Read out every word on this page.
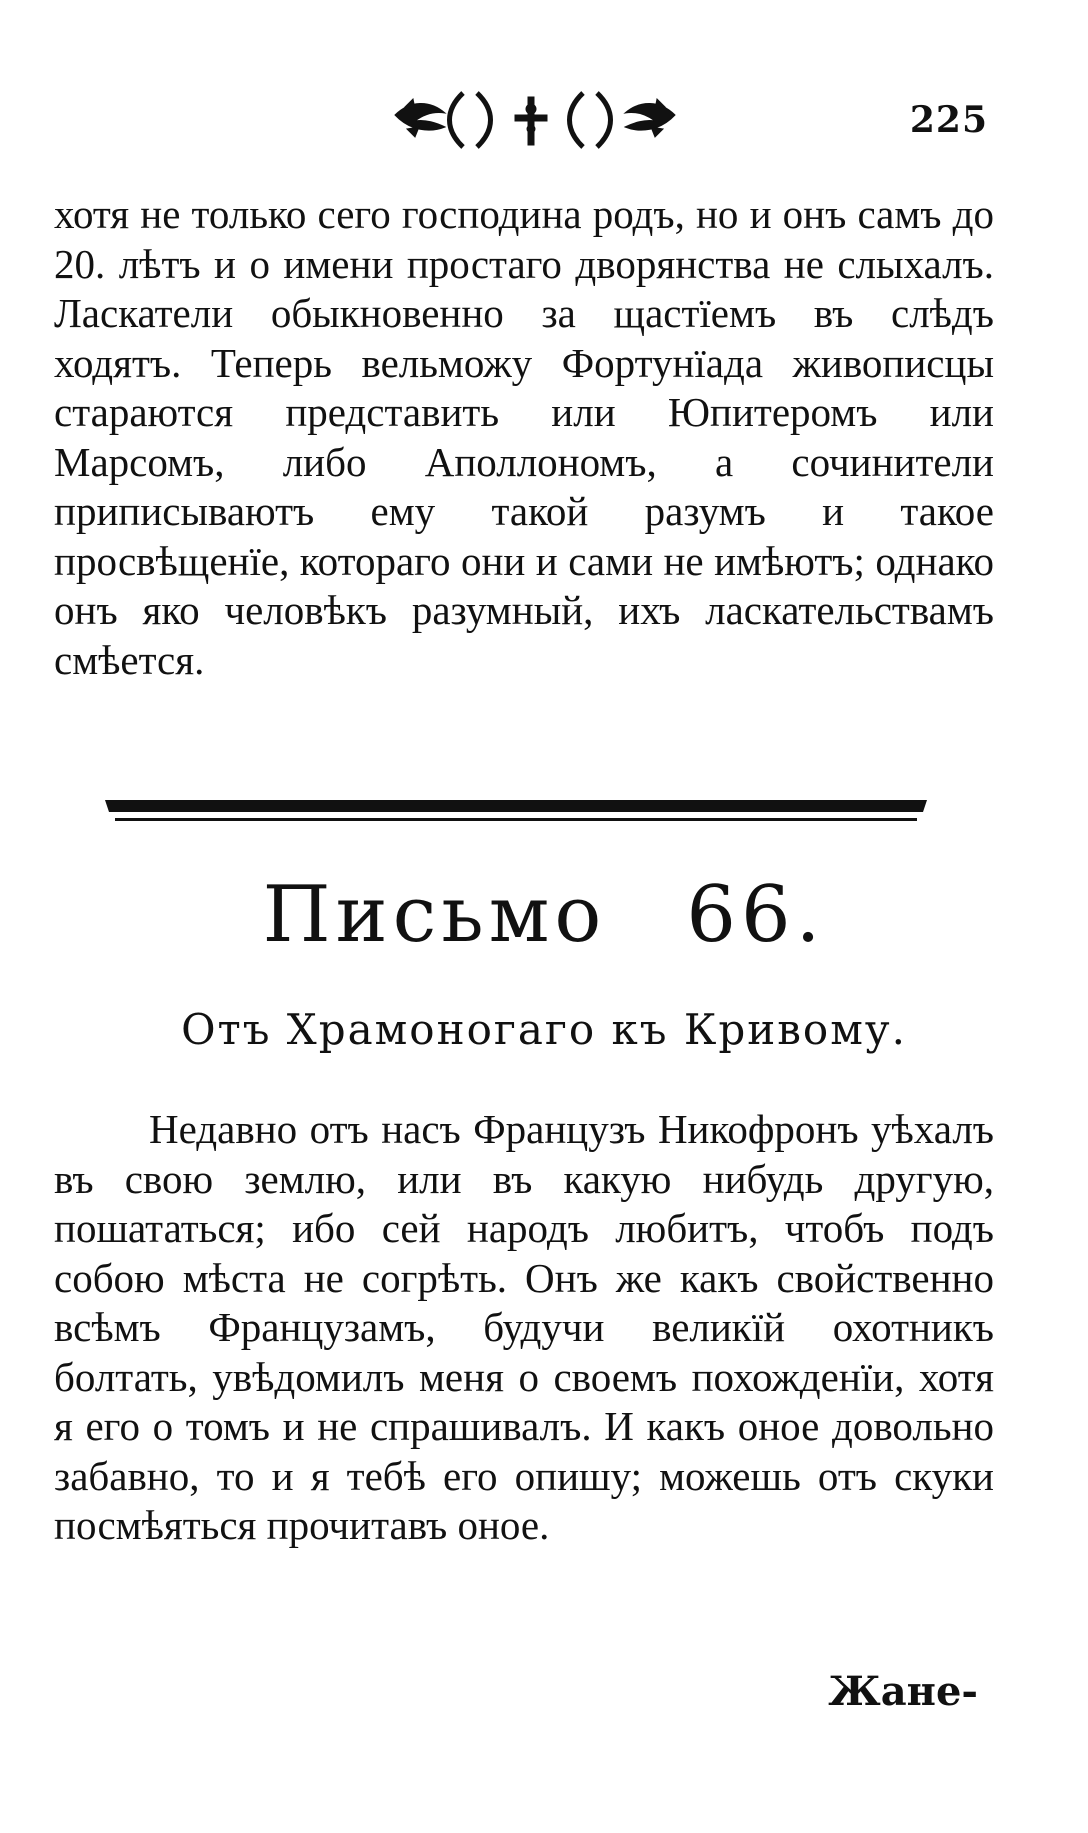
225

хотя не только сего господина родъ, но и онъ самъ до 20. лѣтъ и о имени простаго дворянства не слыхалъ. Ласкатели обыкновенно за щастїемъ въ слѣдъ ходятъ. Теперь вельможу Фортунїада живописцы стараются представить или Юпитеромъ или Марсомъ, либо Аполлономъ, а сочинители приписываютъ ему такой разумъ и такое просвѣщенїе, котораго они и сами не имѣютъ; однако онъ яко человѣкъ разумный, ихъ ласкательствамъ смѣется.

Письмо 66.
Отъ Храмоногаго къ Кривому.

Недавно отъ насъ Французъ Никофронъ уѣхалъ въ свою землю, или въ какую нибудь другую, пошататься; ибо сей народъ любитъ, чтобъ подъ собою мѣста не согрѣть. Онъ же какъ свойственно всѣмъ Французамъ, будучи великїй охотникъ болтать, увѣдомилъ меня о своемъ похожденїи, хотя я его о томъ и не спрашивалъ. И какъ оное довольно забавно, то и я тебѣ его опишу; можешь отъ скуки посмѣяться прочитавъ оное.

Жане-
